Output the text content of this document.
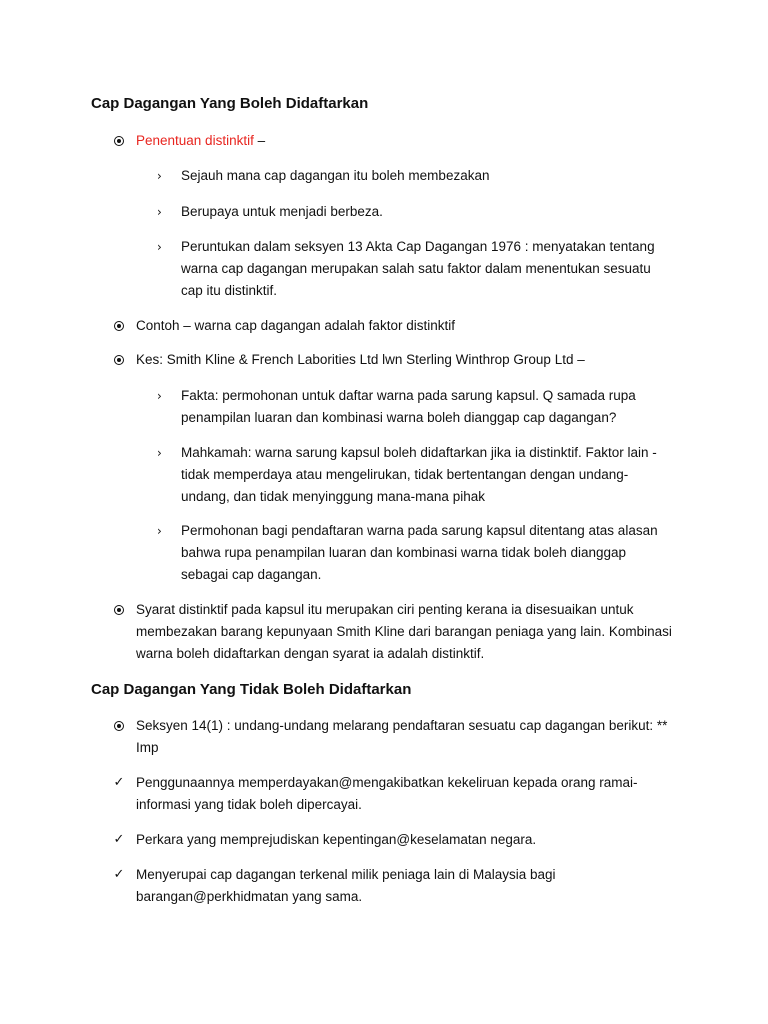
Cap Dagangan Yang Boleh Didaftarkan
Penentuan distinktif –
› Sejauh mana cap dagangan itu boleh membezakan
› Berupaya untuk menjadi berbeza.
› Peruntukan dalam seksyen 13 Akta Cap Dagangan 1976 : menyatakan tentang
warna cap dagangan merupakan salah satu faktor dalam menentukan sesuatu
cap itu distinktif.
Contoh – warna cap dagangan adalah faktor distinktif
Kes: Smith Kline & French Laborities Ltd lwn Sterling Winthrop Group Ltd –
› Fakta: permohonan untuk daftar warna pada sarung kapsul. Q samada rupa
penampilan luaran dan kombinasi warna boleh dianggap cap dagangan?
› Mahkamah: warna sarung kapsul boleh didaftarkan jika ia distinktif. Faktor lain -
tidak memperdaya atau mengelirukan, tidak bertentangan dengan undang-
undang, dan tidak menyinggung mana-mana pihak
› Permohonan bagi pendaftaran warna pada sarung kapsul ditentang atas alasan
bahwa rupa penampilan luaran dan kombinasi warna tidak boleh dianggap
sebagai cap dagangan.
Syarat distinktif pada kapsul itu merupakan ciri penting kerana ia disesuaikan untuk
membezakan barang kepunyaan Smith Kline dari barangan peniaga yang lain. Kombinasi
warna boleh didaftarkan dengan syarat ia adalah distinktif.
Cap Dagangan Yang Tidak Boleh Didaftarkan
Seksyen 14(1) : undang-undang melarang pendaftaran sesuatu cap dagangan berikut: **
Imp
✓ Penggunaannya memperdayakan@mengakibatkan kekeliruan kepada orang ramai-
informasi yang tidak boleh dipercayai.
✓ Perkara yang memprejudiskan kepentingan@keselamatan negara.
✓ Menyerupai cap dagangan terkenal milik peniaga lain di Malaysia bagi
barangan@perkhidmatan yang sama.
